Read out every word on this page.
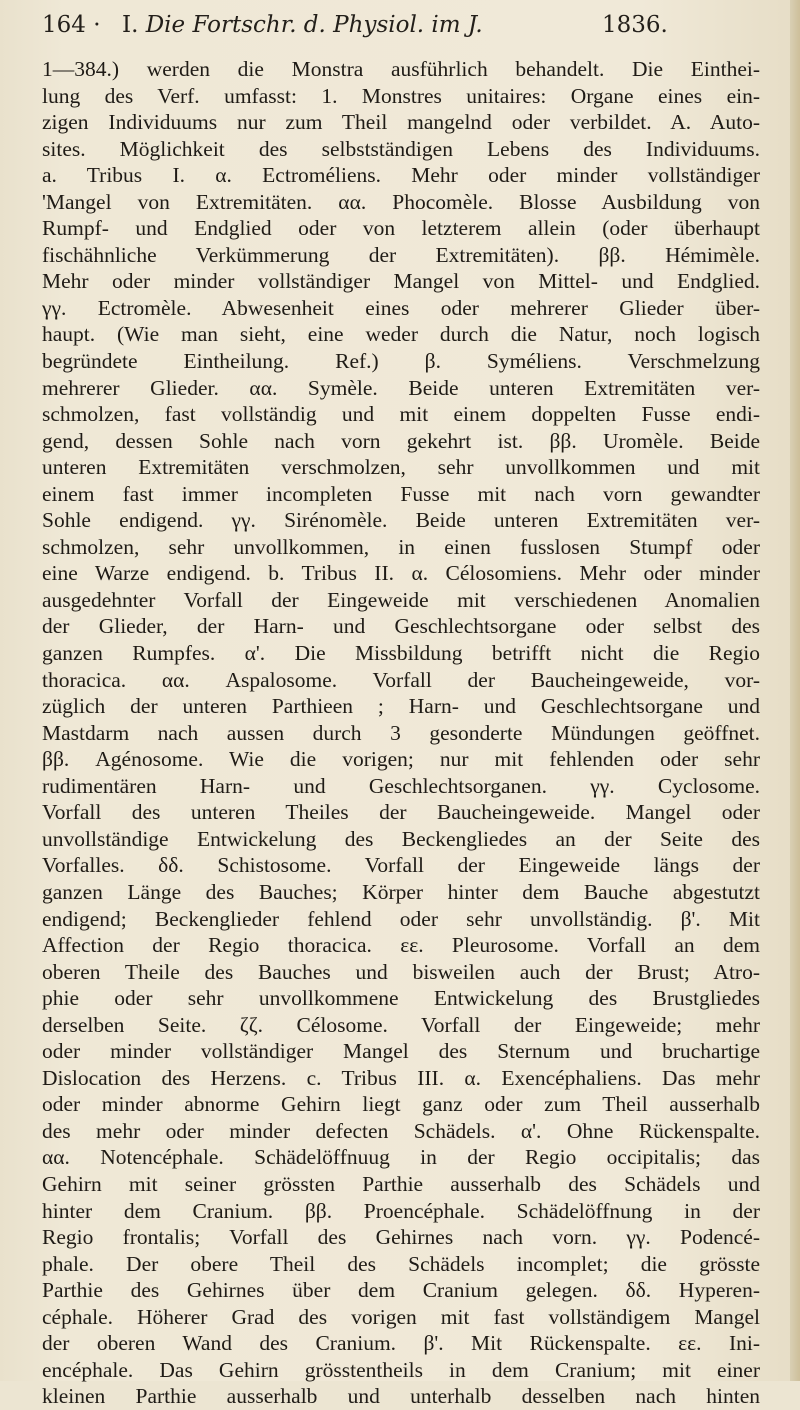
164 · I. Die Fortschr. d. Physiol. im J.	1836.
1—384.) werden die Monstra ausführlich behandelt. Die Einthei-
lung des Verf. umfasst: 1. Monstres unitaires: Organe eines ein-
zigen Individuums nur zum Theil mangelnd oder verbildet. A. Auto-
sites. Möglichkeit des selbstständigen Lebens des Individuums.
a. Tribus I. α. Ectroméliens. Mehr oder minder vollständiger
'Mangel von Extremitäten. αα. Phocomèle. Blosse Ausbildung von
Rumpf- und Endglied oder von letzterem allein (oder überhaupt
fischähnliche Verkümmerung der Extremitäten). ββ. Hémimèle.
Mehr oder minder vollständiger Mangel von Mittel- und Endglied.
γγ. Ectromèle. Abwesenheit eines oder mehrerer Glieder über-
haupt. (Wie man sieht, eine weder durch die Natur, noch logisch
begründete Eintheilung. Ref.) β. Syméliens. Verschmelzung
mehrerer Glieder. αα. Symèle. Beide unteren Extremitäten ver-
schmolzen, fast vollständig und mit einem doppelten Fusse endi-
gend, dessen Sohle nach vorn gekehrt ist. ββ. Uromèle. Beide
unteren Extremitäten verschmolzen, sehr unvollkommen und mit
einem fast immer incompleten Fusse mit nach vorn gewandter
Sohle endigend. γγ. Sirénomèle. Beide unteren Extremitäten ver-
schmolzen, sehr unvollkommen, in einen fusslosen Stumpf oder
eine Warze endigend. b. Tribus II. α. Célosomiens. Mehr oder minder
ausgedehnter Vorfall der Eingeweide mit verschiedenen Anomalien
der Glieder, der Harn- und Geschlechtsorgane oder selbst des
ganzen Rumpfes. α'. Die Missbildung betrifft nicht die Regio
thoracica. αα. Aspalosome. Vorfall der Baucheingeweide, vor-
züglich der unteren Parthieen ; Harn- und Geschlechtsorgane und
Mastdarm nach aussen durch 3 gesonderte Mündungen geöffnet.
ββ. Agénosome. Wie die vorigen; nur mit fehlenden oder sehr
rudimentären Harn- und Geschlechtsorganen. γγ. Cyclosome.
Vorfall des unteren Theiles der Baucheingeweide. Mangel oder
unvollständige Entwickelung des Beckengliedes an der Seite des
Vorfalles. δδ. Schistosome. Vorfall der Eingeweide längs der
ganzen Länge des Bauches; Körper hinter dem Bauche abgestutzt
endigend; Beckenglieder fehlend oder sehr unvollständig. β'. Mit
Affection der Regio thoracica. εε. Pleurosome. Vorfall an dem
oberen Theile des Bauches und bisweilen auch der Brust; Atro-
phie oder sehr unvollkommene Entwickelung des Brustgliedes
derselben Seite. ζζ. Célosome. Vorfall der Eingeweide; mehr
oder minder vollständiger Mangel des Sternum und bruchartige
Dislocation des Herzens. c. Tribus III. α. Exencéphaliens. Das mehr
oder minder abnorme Gehirn liegt ganz oder zum Theil ausserhalb
des mehr oder minder defecten Schädels. α'. Ohne Rückenspalte.
αα. Notencéphale. Schädelöffnuug in der Regio occipitalis; das
Gehirn mit seiner grössten Parthie ausserhalb des Schädels und
hinter dem Cranium. ββ. Proencéphale. Schädelöffnung in der
Regio frontalis; Vorfall des Gehirnes nach vorn. γγ. Podencé-
phale. Der obere Theil des Schädels incomplet; die grösste
Parthie des Gehirnes über dem Cranium gelegen. δδ. Hyperen-
céphale. Höherer Grad des vorigen mit fast vollständigem Mangel
der oberen Wand des Cranium. β'. Mit Rückenspalte. εε. Ini-
encéphale. Das Gehirn grösstentheils in dem Cranium; mit einer
kleinen Parthie ausserhalb und unterhalb desselben nach hinten
